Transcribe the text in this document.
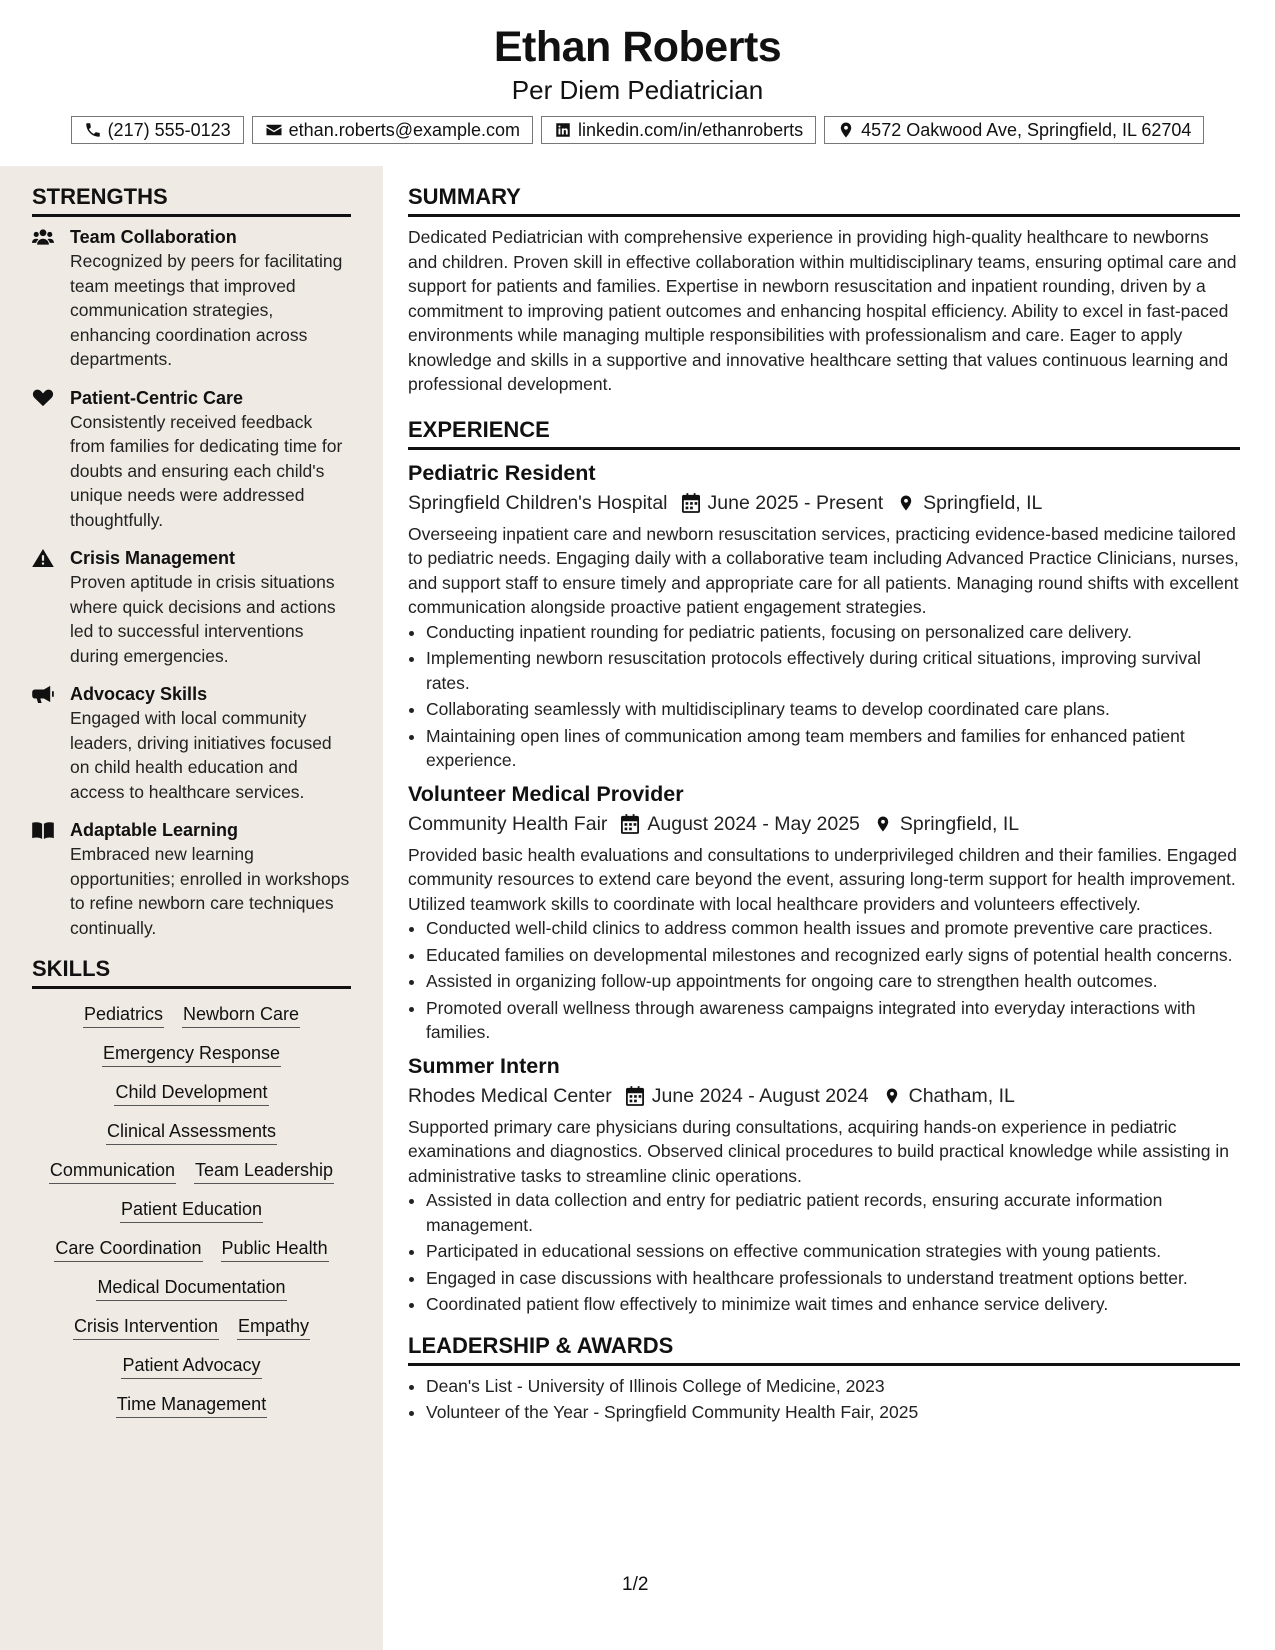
Ethan Roberts
Per Diem Pediatrician
(217) 555-0123	ethan.roberts@example.com	linkedin.com/in/ethanroberts	4572 Oakwood Ave, Springfield, IL 62704
STRENGTHS
Team Collaboration
Recognized by peers for facilitating team meetings that improved communication strategies, enhancing coordination across departments.
Patient-Centric Care
Consistently received feedback from families for dedicating time for doubts and ensuring each child's unique needs were addressed thoughtfully.
Crisis Management
Proven aptitude in crisis situations where quick decisions and actions led to successful interventions during emergencies.
Advocacy Skills
Engaged with local community leaders, driving initiatives focused on child health education and access to healthcare services.
Adaptable Learning
Embraced new learning opportunities; enrolled in workshops to refine newborn care techniques continually.
SKILLS
Pediatrics Newborn Care
Emergency Response
Child Development
Clinical Assessments
Communication Team Leadership
Patient Education
Care Coordination Public Health
Medical Documentation
Crisis Intervention Empathy
Patient Advocacy
Time Management
SUMMARY

Dedicated Pediatrician with comprehensive experience in providing high-quality healthcare to newborns and children. Proven skill in effective collaboration within multidisciplinary teams, ensuring optimal care and support for patients and families. Expertise in newborn resuscitation and inpatient rounding, driven by a commitment to improving patient outcomes and enhancing hospital efficiency. Ability to excel in fast-paced environments while managing multiple responsibilities with professionalism and care. Eager to apply knowledge and skills in a supportive and innovative healthcare setting that values continuous learning and professional development.

EXPERIENCE
Pediatric Resident
Springfield Children's Hospital June 2025 - Present Springfield, IL

Overseeing inpatient care and newborn resuscitation services, practicing evidence-based medicine tailored to pediatric needs. Engaging daily with a collaborative team including Advanced Practice Clinicians, nurses, and support staff to ensure timely and appropriate care for all patients. Managing round shifts with excellent communication alongside proactive patient engagement strategies.

• Conducting inpatient rounding for pediatric patients, focusing on personalized care delivery.
• Implementing newborn resuscitation protocols effectively during critical situations, improving survival rates.
• Collaborating seamlessly with multidisciplinary teams to develop coordinated care plans.
• Maintaining open lines of communication among team members and families for enhanced patient experience.
Volunteer Medical Provider
Community Health Fair August 2024 - May 2025 Springfield, IL

Provided basic health evaluations and consultations to underprivileged children and their families. Engaged community resources to extend care beyond the event, assuring long-term support for health improvement. Utilized teamwork skills to coordinate with local healthcare providers and volunteers effectively.

• Conducted well-child clinics to address common health issues and promote preventive care practices.
• Educated families on developmental milestones and recognized early signs of potential health concerns.
• Assisted in organizing follow-up appointments for ongoing care to strengthen health outcomes.
• Promoted overall wellness through awareness campaigns integrated into everyday interactions with families.
Summer Intern
Rhodes Medical Center June 2024 - August 2024 Chatham, IL

Supported primary care physicians during consultations, acquiring hands-on experience in pediatric examinations and diagnostics. Observed clinical procedures to build practical knowledge while assisting in administrative tasks to streamline clinic operations.

• Assisted in data collection and entry for pediatric patient records, ensuring accurate information management.
• Participated in educational sessions on effective communication strategies with young patients.
• Engaged in case discussions with healthcare professionals to understand treatment options better.
• Coordinated patient flow effectively to minimize wait times and enhance service delivery.
LEADERSHIP & AWARDS
• Dean's List - University of Illinois College of Medicine, 2023
• Volunteer of the Year - Springfield Community Health Fair, 2025
1/2
